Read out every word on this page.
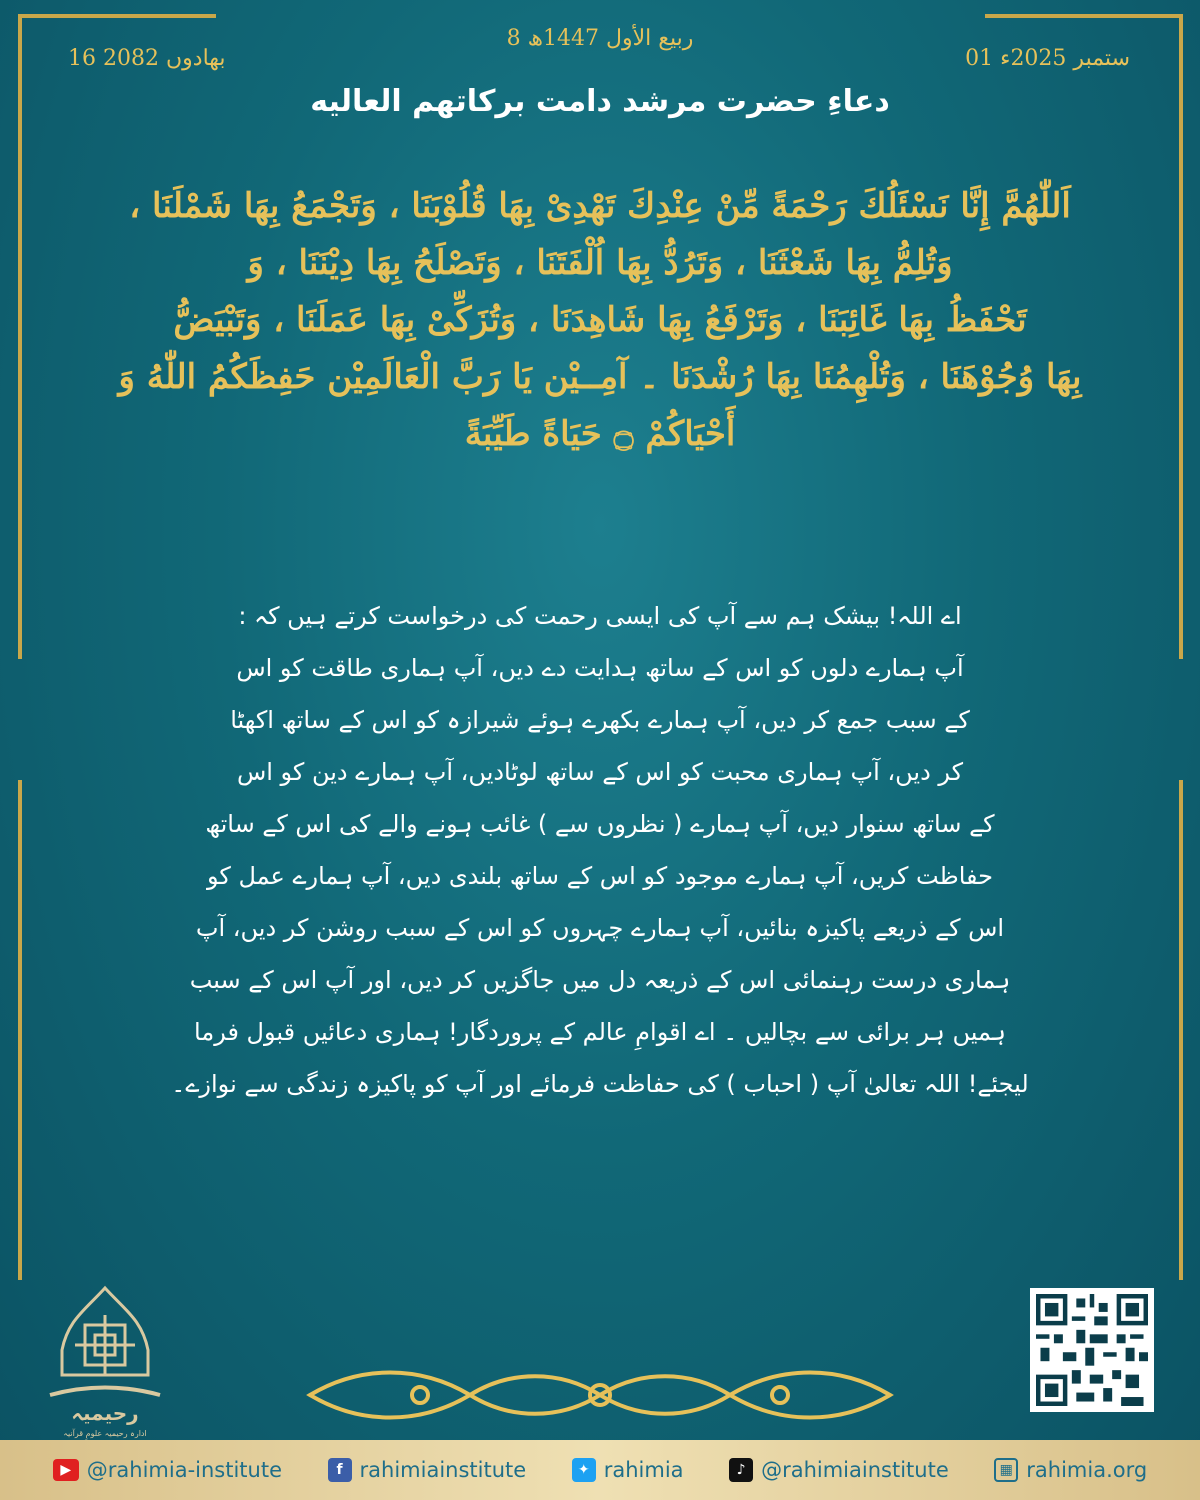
8 ربیع الأول 1447ھ
01 ستمبر 2025ء
16 بھادوں 2082
دعاءِ حضرت مرشد دامت برکاتهم العاليه
اَللّٰهُمَّ إِنَّا نَسْئَلُكَ رَحْمَةً مِّنْ عِنْدِكَ تَهْدِیْ بِهَا قُلُوْبَنَا ، وَتَجْمَعُ بِهَا شَمْلَنَا ،
وَتُلِمُّ بِهَا شَعْثَنَا ، وَتَرُدُّ بِهَا اُلْفَتَنَا ، وَتَصْلَحُ بِهَا دِيْنَنَا ، وَ
تَحْفَظُ بِهَا غَائِبَنَا ، وَتَرْفَعُ بِهَا شَاهِدَنَا ، وَتُزَكِّیْ بِهَا عَمَلَنَا ، وَتَبْیَضُّ
بِهَا وُجُوْهَنَا ، وَتُلْهِمُنَا بِهَا رُشْدَنَا ۔ آمِــيْن يَا رَبَّ الْعَالَمِيْن حَفِظَكُمُ اللّٰهُ وَ
أَحْيَاكُمْ ۝ حَيَاةً طَيِّبَةً
اے اللہ! بیشک ہم سے آپ کی ایسی رحمت کی درخواست کرتے ہیں کہ :
آپ ہمارے دلوں کو اس کے ساتھ ہدایت دے دیں، آپ ہماری طاقت کو اس
کے سبب جمع کر دیں، آپ ہمارے بکھرے ہوئے شیرازہ کو اس کے ساتھ اکھٹا
کر دیں، آپ ہماری محبت کو اس کے ساتھ لوٹادیں، آپ ہمارے دین کو اس
کے ساتھ سنوار دیں، آپ ہمارے ( نظروں سے ) غائب ہونے والے کی اس کے ساتھ
حفاظت کریں، آپ ہمارے موجود کو اس کے ساتھ بلندی دیں، آپ ہمارے عمل کو
اس کے ذریعے پاکیزہ بنائیں، آپ ہمارے چہروں کو اس کے سبب روشن کر دیں، آپ
ہماری درست رہنمائی اس کے ذریعہ دل میں جاگزیں کر دیں، اور آپ اس کے سبب
ہمیں ہر برائی سے بچالیں ۔ اے اقوامِ عالم کے پروردگار! ہماری دعائیں قبول فرما
لیجئے! اللہ تعالیٰ آپ ( احباب ) کی حفاظت فرمائے اور آپ کو پاکیزہ زندگی سے نوازے۔
رحیمیہ
ادارہ رحیمیہ علومِ قرآنیہ
▶ @rahimia-institute	f rahimiainstitute	✦ rahimia	♪ @rahimiainstitute	▦ rahimia.org
